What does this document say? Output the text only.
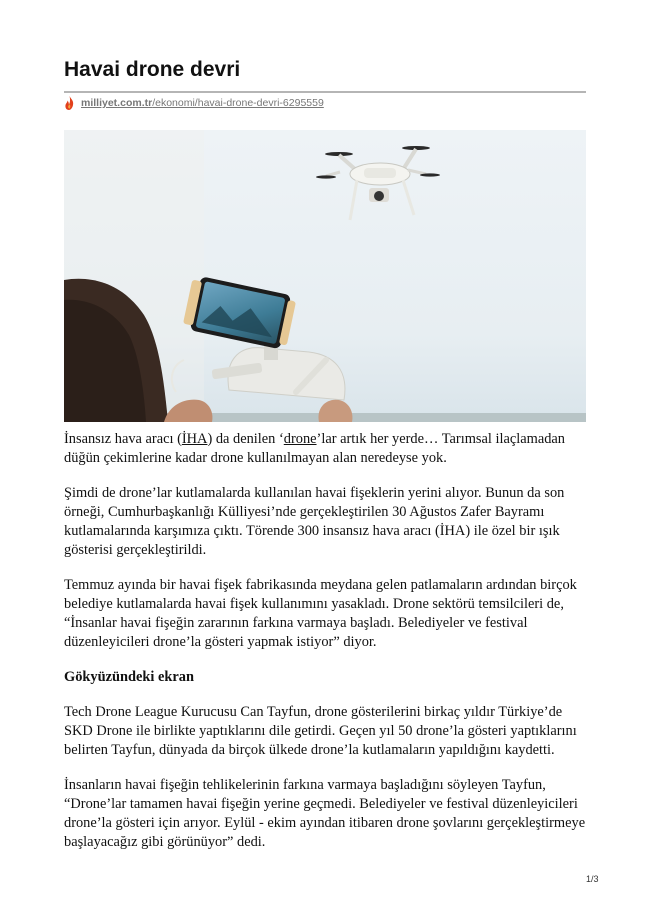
Havai drone devri
milliyet.com.tr/ekonomi/havai-drone-devri-6295559

İnsansız hava aracı (İHA) da denilen ‘drone’lar artık her yerde… Tarımsal ilaçlamadan düğün çekimlerine kadar drone kullanılmayan alan neredeyse yok.

Şimdi de drone’lar kutlamalarda kullanılan havai fişeklerin yerini alıyor. Bunun da son örneği, Cumhurbaşkanlığı Külliyesi’nde gerçekleştirilen 30 Ağustos Zafer Bayramı kutlamalarında karşımıza çıktı. Törende 300 insansız hava aracı (İHA) ile özel bir ışık gösterisi gerçekleştirildi.

Temmuz ayında bir havai fişek fabrikasında meydana gelen patlamaların ardından birçok belediye kutlamalarda havai fişek kullanımını yasakladı. Drone sektörü temsilcileri de, “İnsanlar havai fişeğin zararının farkına varmaya başladı. Belediyeler ve festival düzenleyicileri drone’la gösteri yapmak istiyor” diyor.

Gökyüzündeki ekran

Tech Drone League Kurucusu Can Tayfun, drone gösterilerini birkaç yıldır Türkiye’de SKD Drone ile birlikte yaptıklarını dile getirdi. Geçen yıl 50 drone’la gösteri yaptıklarını belirten Tayfun, dünyada da birçok ülkede drone’la kutlamaların yapıldığını kaydetti.

İnsanların havai fişeğin tehlikelerinin farkına varmaya başladığını söyleyen Tayfun, “Drone’lar tamamen havai fişeğin yerine geçmedi. Belediyeler ve festival düzenleyicileri drone’la gösteri için arıyor. Eylül - ekim ayından itibaren drone şovlarını gerçekleştirmeye başlayacağız gibi görünüyor” dedi.

1/3
